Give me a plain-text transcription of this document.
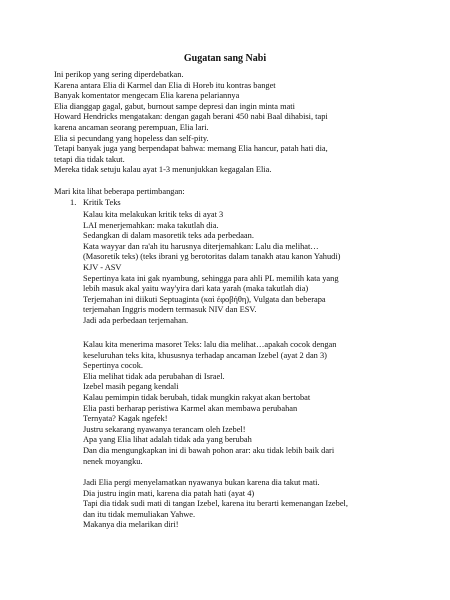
Gugatan sang Nabi
Ini perikop yang sering diperdebatkan.
Karena antara Elia di Karmel dan Elia di Horeb itu kontras banget
Banyak komentator mengecam Elia karena pelariannya
Elia dianggap gagal, gabut, burnout sampe depresi dan ingin minta mati
Howard Hendricks mengatakan: dengan gagah berani 450 nabi Baal dihabisi, tapi
karena ancaman seorang perempuan, Elia lari.
Elia si pecundang yang hopeless dan self-pity.
Tetapi banyak juga yang berpendapat bahwa: memang Elia hancur, patah hati dia,
tetapi dia tidak takut.
Mereka tidak setuju kalau ayat 1-3 menunjukkan kegagalan Elia.
Mari kita lihat beberapa pertimbangan:
1. Kritik Teks
Kalau kita melakukan kritik teks di ayat 3
LAI menerjemahkan: maka takutlah dia.
Sedangkan di dalam masoretik teks ada perbedaan.
Kata wayyar dan ra'ah itu harusnya diterjemahkan: Lalu dia melihat…
(Masoretik teks) (teks ibrani yg berotoritas dalam tanakh atau kanon Yahudi)
KJV - ASV
Sepertinya kata ini gak nyambung, sehingga para ahli PL memilih kata yang
lebih masuk akal yaitu way'yira dari kata yarah (maka takutlah dia)
Terjemahan ini diikuti Septuaginta (καὶ ἐφοβήθη), Vulgata dan beberapa
terjemahan Inggris modern termasuk NIV dan ESV.
Jadi ada perbedaan terjemahan.
Kalau kita menerima masoret Teks: lalu dia melihat…apakah cocok dengan
keseluruhan teks kita, khususnya terhadap ancaman Izebel (ayat 2 dan 3)
Sepertinya cocok.
Elia melihat tidak ada perubahan di Israel.
Izebel masih pegang kendali
Kalau pemimpin tidak berubah, tidak mungkin rakyat akan bertobat
Elia pasti berharap peristiwa Karmel akan membawa perubahan
Ternyata? Kagak ngefek!
Justru sekarang nyawanya terancam oleh Izebel!
Apa yang Elia lihat adalah tidak ada yang berubah
Dan dia mengungkapkan ini di bawah pohon arar: aku tidak lebih baik dari
nenek moyangku.
Jadi Elia pergi menyelamatkan nyawanya bukan karena dia takut mati.
Dia justru ingin mati, karena dia patah hati (ayat 4)
Tapi dia tidak sudi mati di tangan Izebel, karena itu berarti kemenangan Izebel,
dan itu tidak memuliakan Yahwe.
Makanya dia melarikan diri!
